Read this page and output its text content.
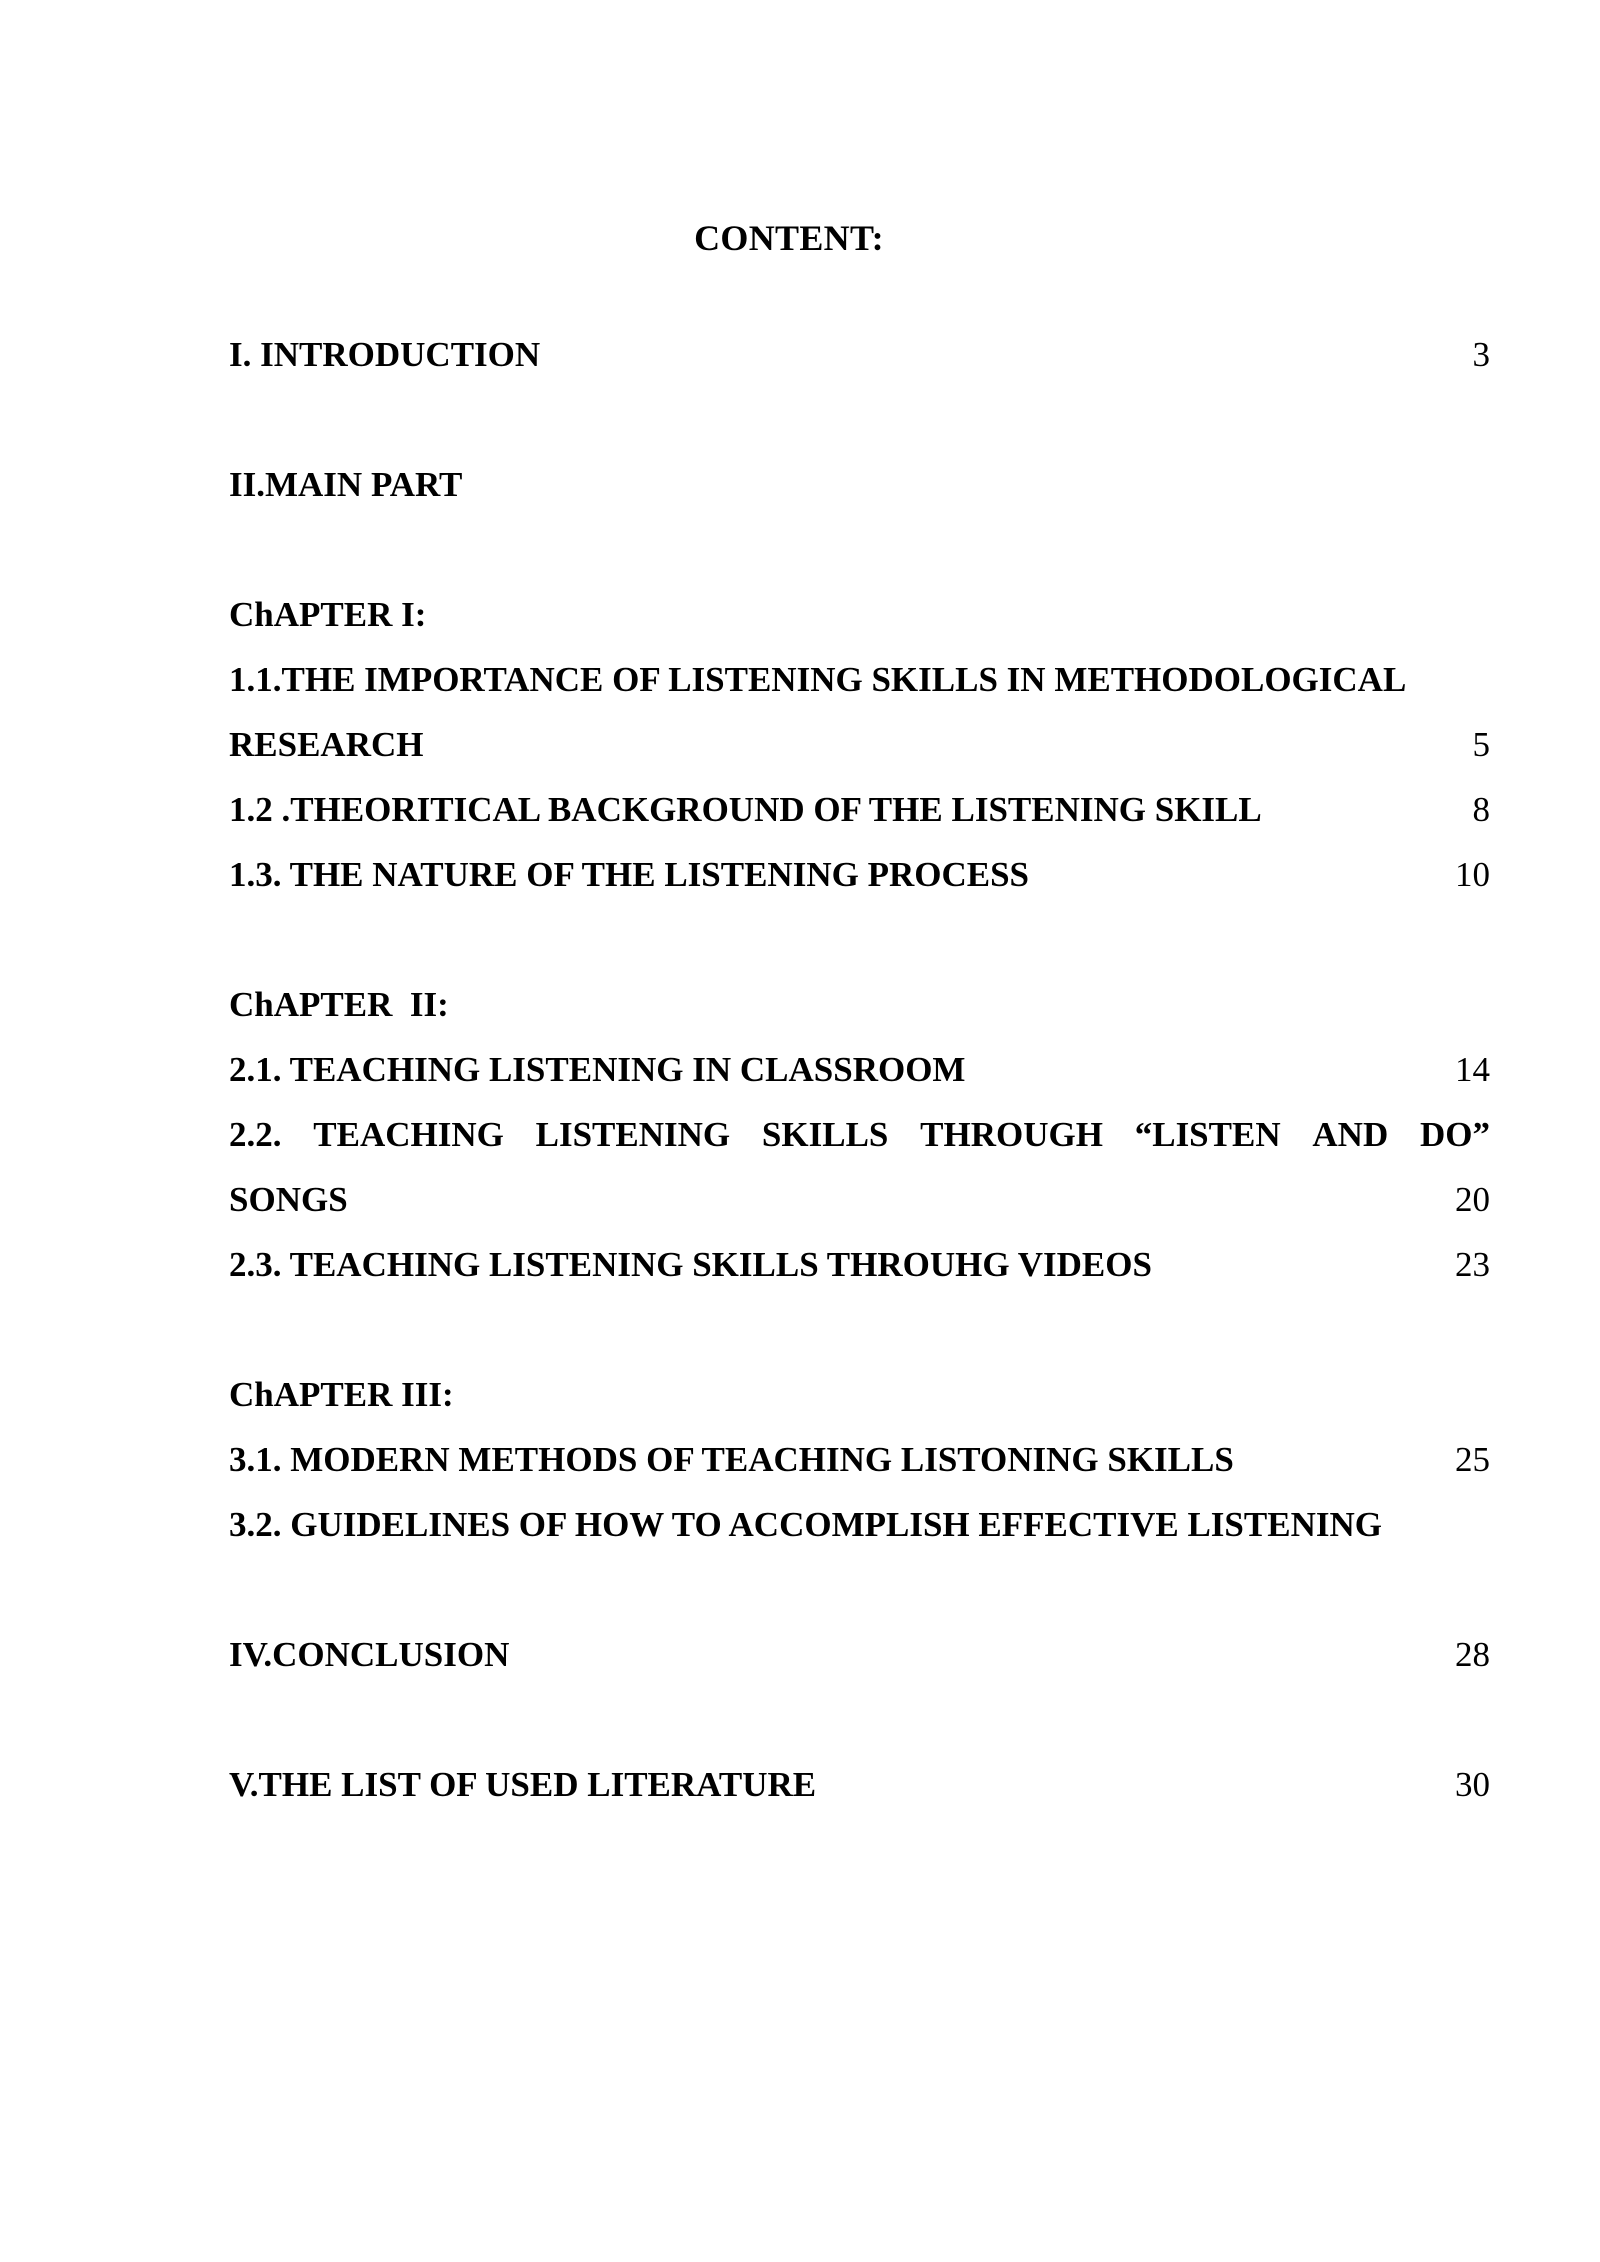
CONTENT:
I. INTRODUCTION	3
II.MAIN PART
ChAPTER I:
1.1.THE IMPORTANCE OF LISTENING SKILLS IN METHODOLOGICAL
RESEARCH	5
1.2 .THEORITICAL BACKGROUND OF THE LISTENING SKILL	8
1.3. THE NATURE OF THE LISTENING PROCESS	10
ChAPTER  II:
2.1. TEACHING LISTENING IN CLASSROOM	14
2.2. TEACHING LISTENING SKILLS THROUGH “LISTEN AND DO”
SONGS	20
2.3. TEACHING LISTENING SKILLS THROUHG VIDEOS	23
ChAPTER III:
3.1. MODERN METHODS OF TEACHING LISTONING SKILLS	25
3.2. GUIDELINES OF HOW TO ACCOMPLISH EFFECTIVE LISTENING
IV.CONCLUSION	28
V.THE LIST OF USED LITERATURE	30
